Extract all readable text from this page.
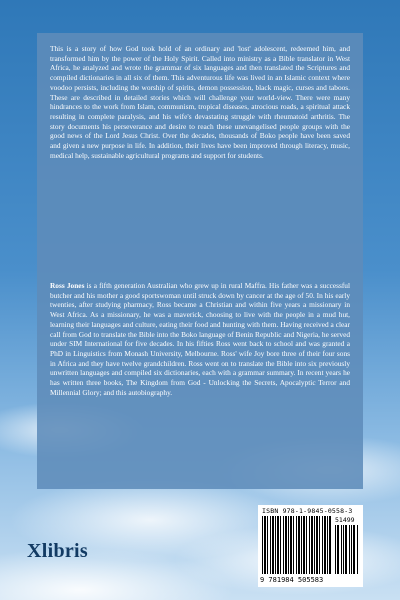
This is a story of how God took hold of an ordinary and 'lost' adolescent, redeemed him, and transformed him by the power of the Holy Spirit. Called into ministry as a Bible translator in West Africa, he analyzed and wrote the grammar of six languages and then translated the Scriptures and compiled dictionaries in all six of them. This adventurous life was lived in an Islamic context where voodoo persists, including the worship of spirits, demon possession, black magic, curses and taboos. These are described in detailed stories which will challenge your world-view. There were many hindrances to the work from Islam, communism, tropical diseases, atrocious roads, a spiritual attack resulting in complete paralysis, and his wife's devastating struggle with rheumatoid arthritis. The story documents his perseverance and desire to reach these unevangelised people groups with the good news of the Lord Jesus Christ. Over the decades, thousands of Boko people have been saved and given a new purpose in life. In addition, their lives have been improved through literacy, music, medical help, sustainable agricultural programs and support for students.
Ross Jones is a fifth generation Australian who grew up in rural Maffra. His father was a successful butcher and his mother a good sportswoman until struck down by cancer at the age of 50. In his early twenties, after studying pharmacy, Ross became a Christian and within five years a missionary in West Africa. As a missionary, he was a maverick, choosing to live with the people in a mud hut, learning their languages and culture, eating their food and hunting with them. Having received a clear call from God to translate the Bible into the Boko language of Benin Republic and Nigeria, he served under SIM International for five decades. In his fifties Ross went back to school and was granted a PhD in Linguistics from Monash University, Melbourne. Ross' wife Joy bore three of their four sons in Africa and they have twelve grandchildren. Ross went on to translate the Bible into six previously unwritten languages and compiled six dictionaries, each with a grammar summary. In recent years he has written three books, The Kingdom from God - Unlocking the Secrets, Apocalyptic Terror and Millennial Glory; and this autobiography.
ISBN 978-1-9845-0558-3
51499
9 781984 505583
Xlibris
